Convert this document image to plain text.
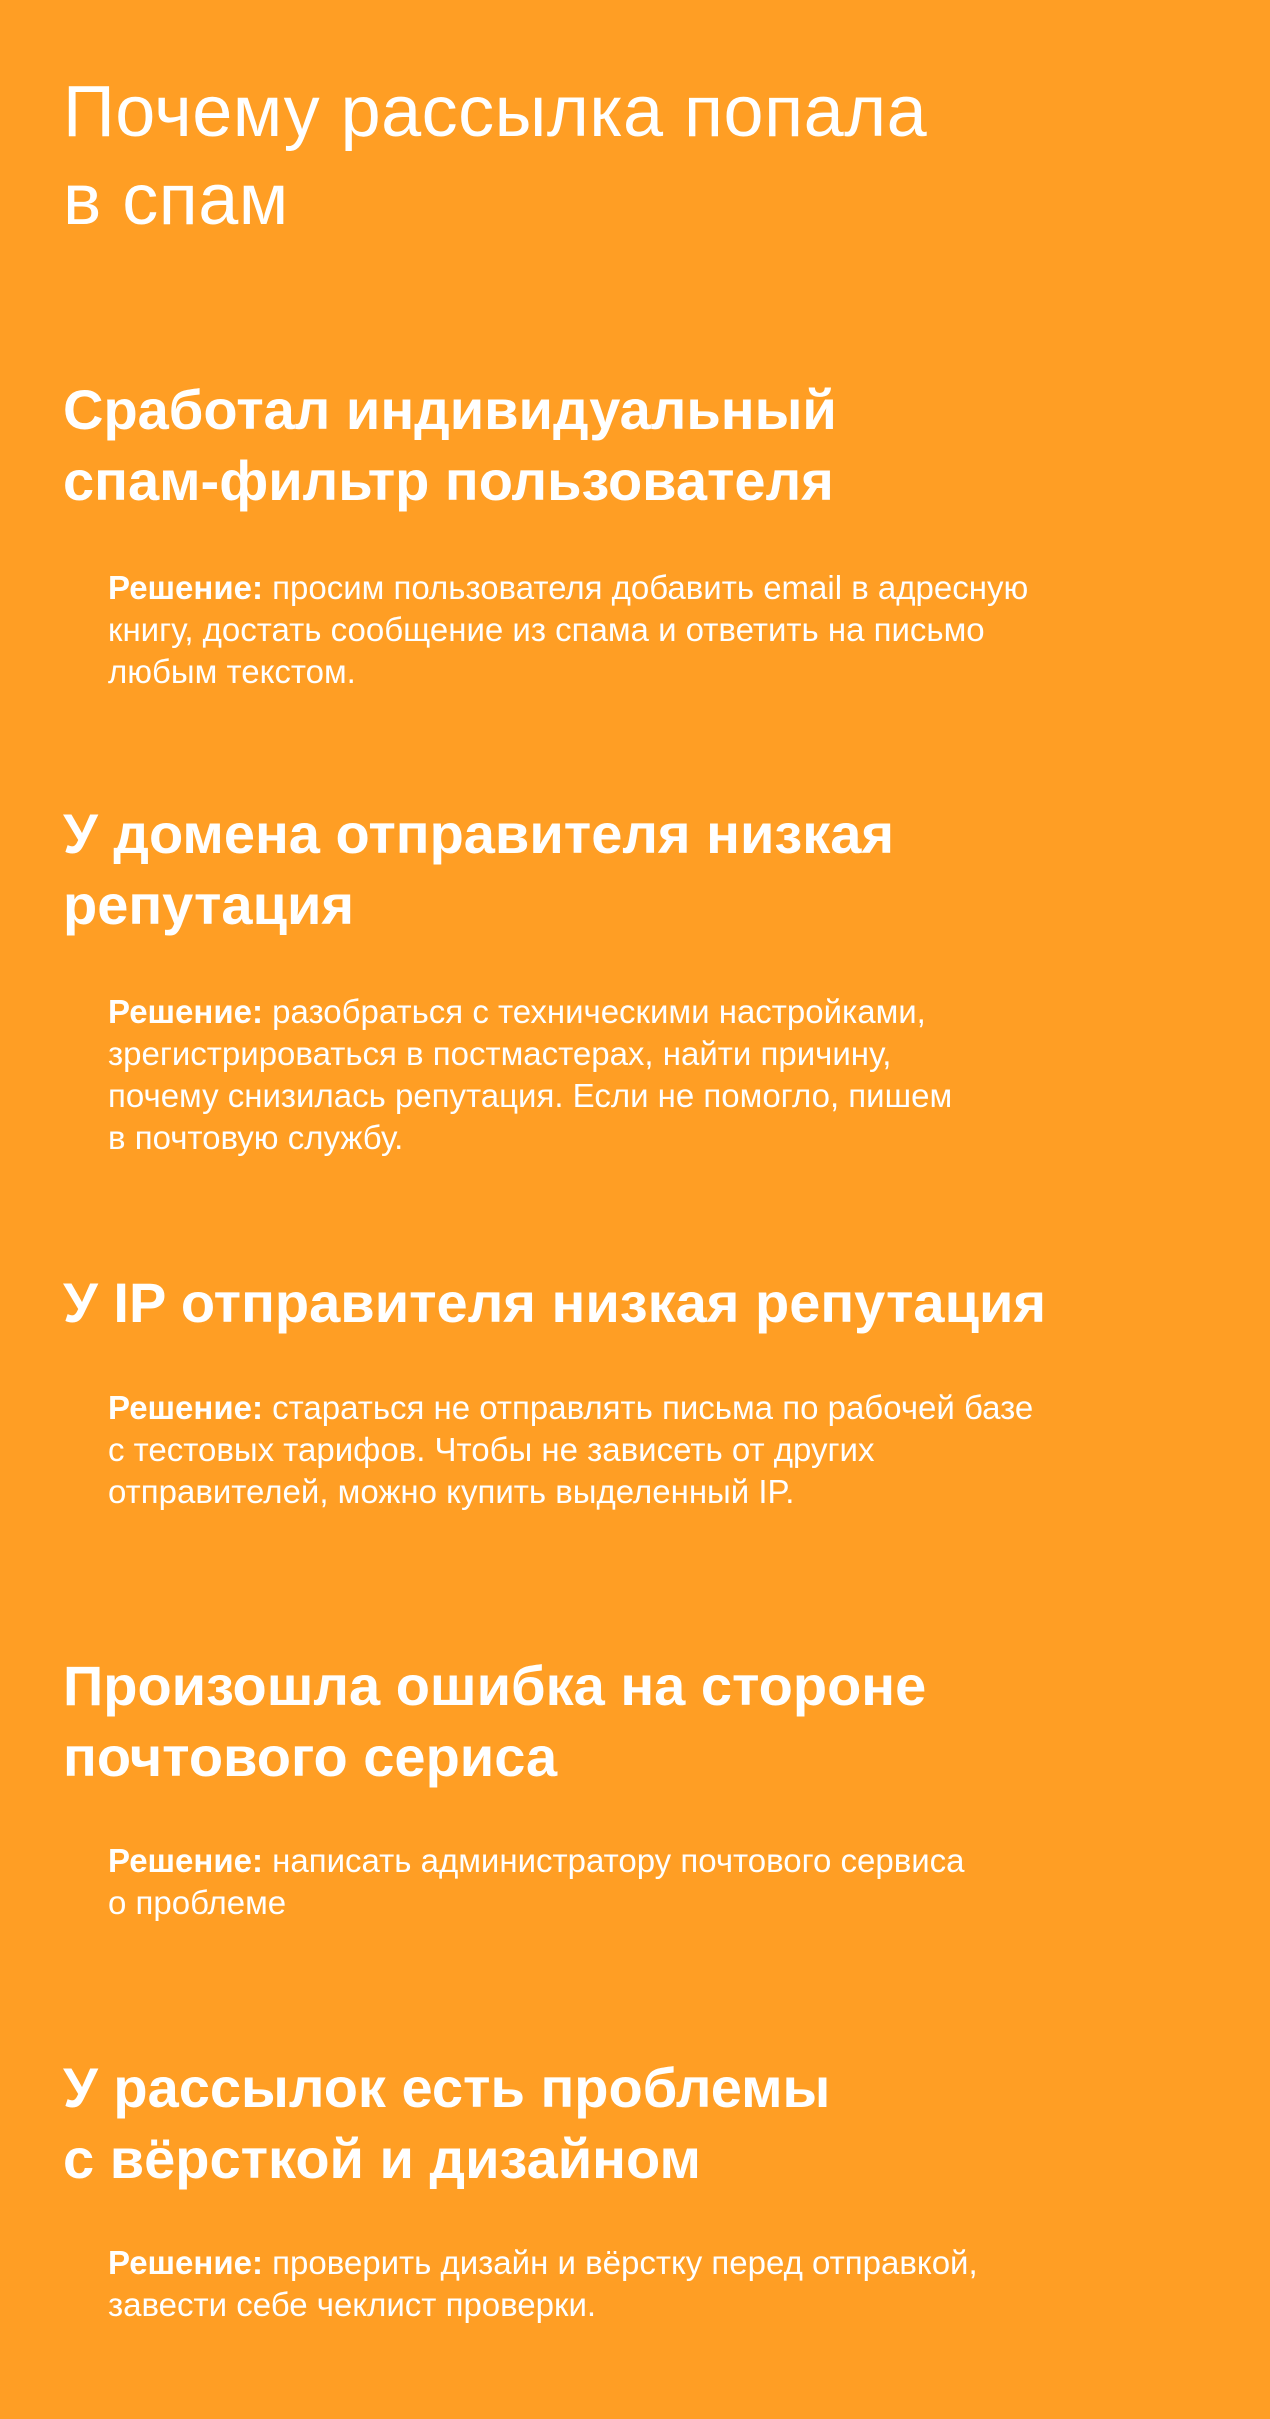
Почему рассылка попала
в спам
Сработал индивидуальный
спам-фильтр пользователя

Решение: просим пользователя добавить email в адресную
книгу, достать сообщение из спама и ответить на письмо
любым текстом.

У домена отправителя низкая
репутация

Решение: разобраться с техническими настройками,
зрегистрироваться в постмастерах, найти причину,
почему снизилась репутация. Если не помогло, пишем
в почтовую службу.

У IP отправителя низкая репутация

Решение: стараться не отправлять письма по рабочей базе
с тестовых тарифов. Чтобы не зависеть от других
отправителей, можно купить выделенный IP.

Произошла ошибка на стороне
почтового сериса

Решение: написать администратору почтового сервиса
о проблеме

У рассылок есть проблемы
с вёрсткой и дизайном

Решение: проверить дизайн и вёрстку перед отправкой,
завести себе чеклист проверки.
